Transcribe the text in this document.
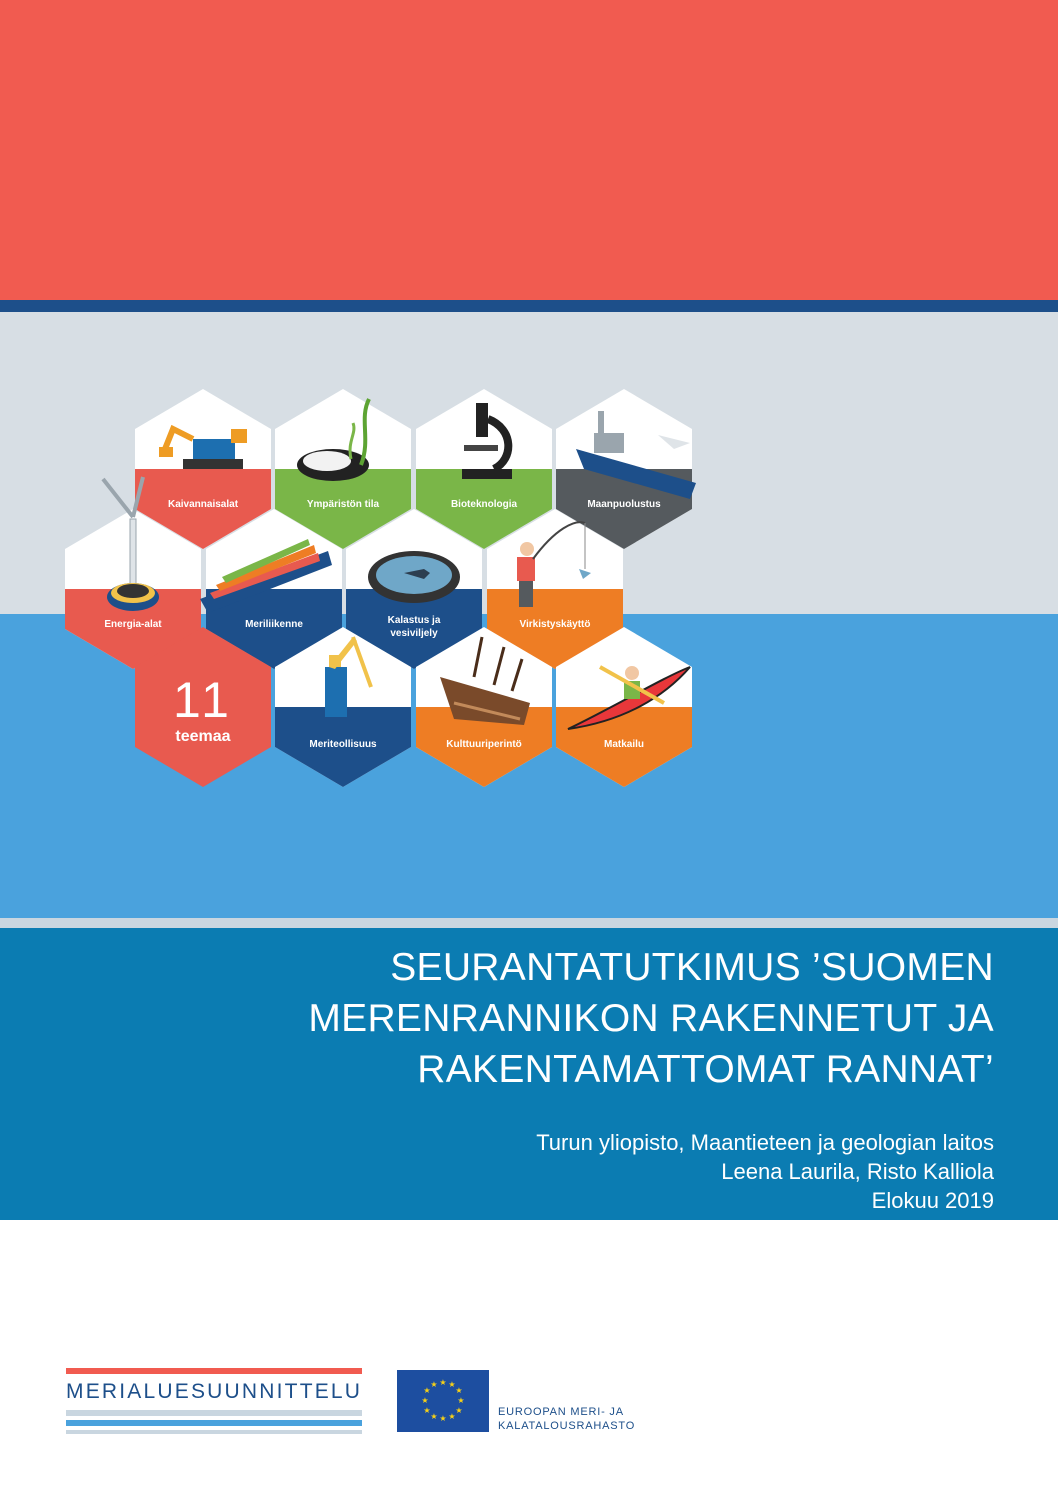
Kaivannaisalat	Ympäristön tila	Bioteknologia	Maanpuolustus
Energia-alat	Meriliikenne	Kalastus ja
vesiviljely
Virkistyskäyttö
11
teemaa	Meriteollisuus	Kulttuuriperintö	Matkailu
SEURANTATUTKIMUS ’SUOMEN
MERENRANNIKON RAKENNETUT JA
RAKENTAMATTOMAT RANNAT’
Turun yliopisto, Maantieteen ja geologian laitos
Leena Laurila, Risto Kalliola
Elokuu 2019
MERIALUESUUNNITTELU	★ ★
★
★
★
★
★
★
★
★
★
★
EUROOPAN MERI- JA
KALATALOUSRAHASTO
